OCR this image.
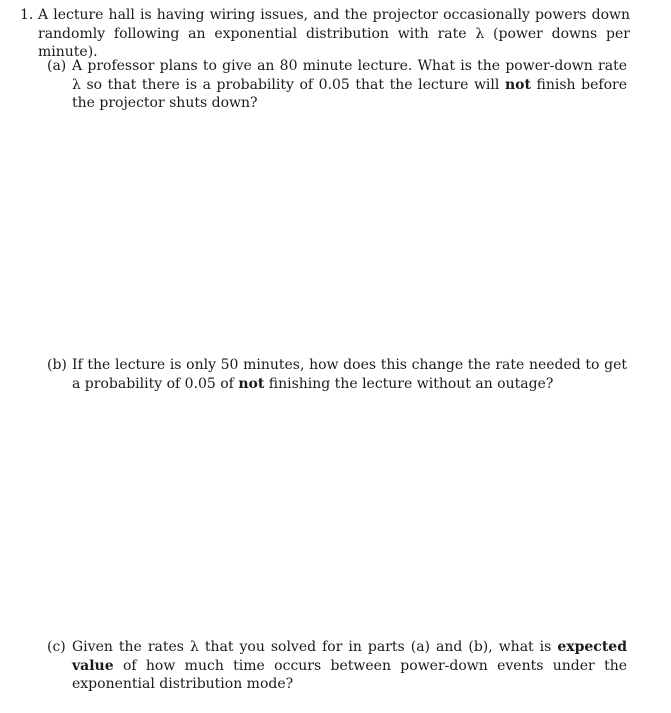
1. A lecture hall is having wiring issues, and the projector occasionally powers down randomly following an exponential distribution with rate λ (power downs per minute).
(a) A professor plans to give an 80 minute lecture. What is the power-down rate λ so that there is a probability of 0.05 that the lecture will not finish before the projector shuts down?
(b) If the lecture is only 50 minutes, how does this change the rate needed to get a probability of 0.05 of not finishing the lecture without an outage?
(c) Given the rates λ that you solved for in parts (a) and (b), what is expected value of how much time occurs between power-down events under the exponential distribution mode?
